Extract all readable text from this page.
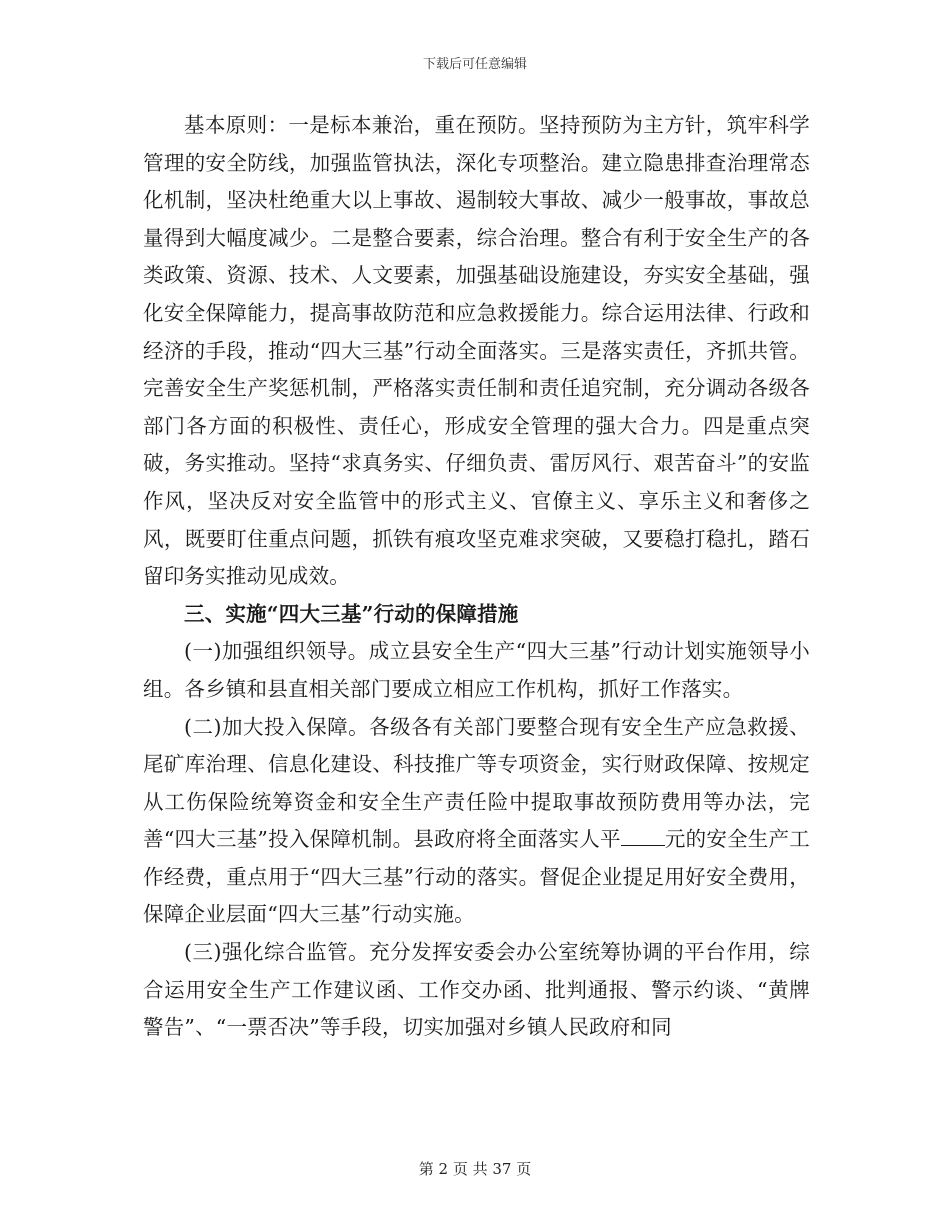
下载后可任意编辑

基本原则：一是标本兼治，重在预防。坚持预防为主方针，筑牢科学管理的安全防线，加强监管执法，深化专项整治。建立隐患排查治理常态化机制，坚决杜绝重大以上事故、遏制较大事故、减少一般事故，事故总量得到大幅度减少。二是整合要素，综合治理。整合有利于安全生产的各类政策、资源、技术、人文要素，加强基础设施建设，夯实安全基础，强化安全保障能力，提高事故防范和应急救援能力。综合运用法律、行政和经济的手段，推动“四大三基”行动全面落实。三是落实责任，齐抓共管。完善安全生产奖惩机制，严格落实责任制和责任追究制，充分调动各级各部门各方面的积极性、责任心，形成安全管理的强大合力。四是重点突破，务实推动。坚持“求真务实、仔细负责、雷厉风行、艰苦奋斗”的安监作风，坚决反对安全监管中的形式主义、官僚主义、享乐主义和奢侈之风，既要盯住重点问题，抓铁有痕攻坚克难求突破，又要稳打稳扎，踏石留印务实推动见成效。

三、实施“四大三基”行动的保障措施

(一)加强组织领导。成立县安全生产“四大三基”行动计划实施领导小组。各乡镇和县直相关部门要成立相应工作机构，抓好工作落实。

(二)加大投入保障。各级各有关部门要整合现有安全生产应急救援、尾矿库治理、信息化建设、科技推广等专项资金，实行财政保障、按规定从工伤保险统筹资金和安全生产责任险中提取事故预防费用等办法，完善“四大三基”投入保障机制。县政府将全面落实人平 元的安全生产工作经费，重点用于“四大三基”行动的落实。督促企业提足用好安全费用，保障企业层面“四大三基”行动实施。

(三)强化综合监管。充分发挥安委会办公室统筹协调的平台作用，综合运用安全生产工作建议函、工作交办函、批判通报、警示约谈、“黄牌警告”、“一票否决”等手段，切实加强对乡镇人民政府和同

第 2 页 共 37 页
